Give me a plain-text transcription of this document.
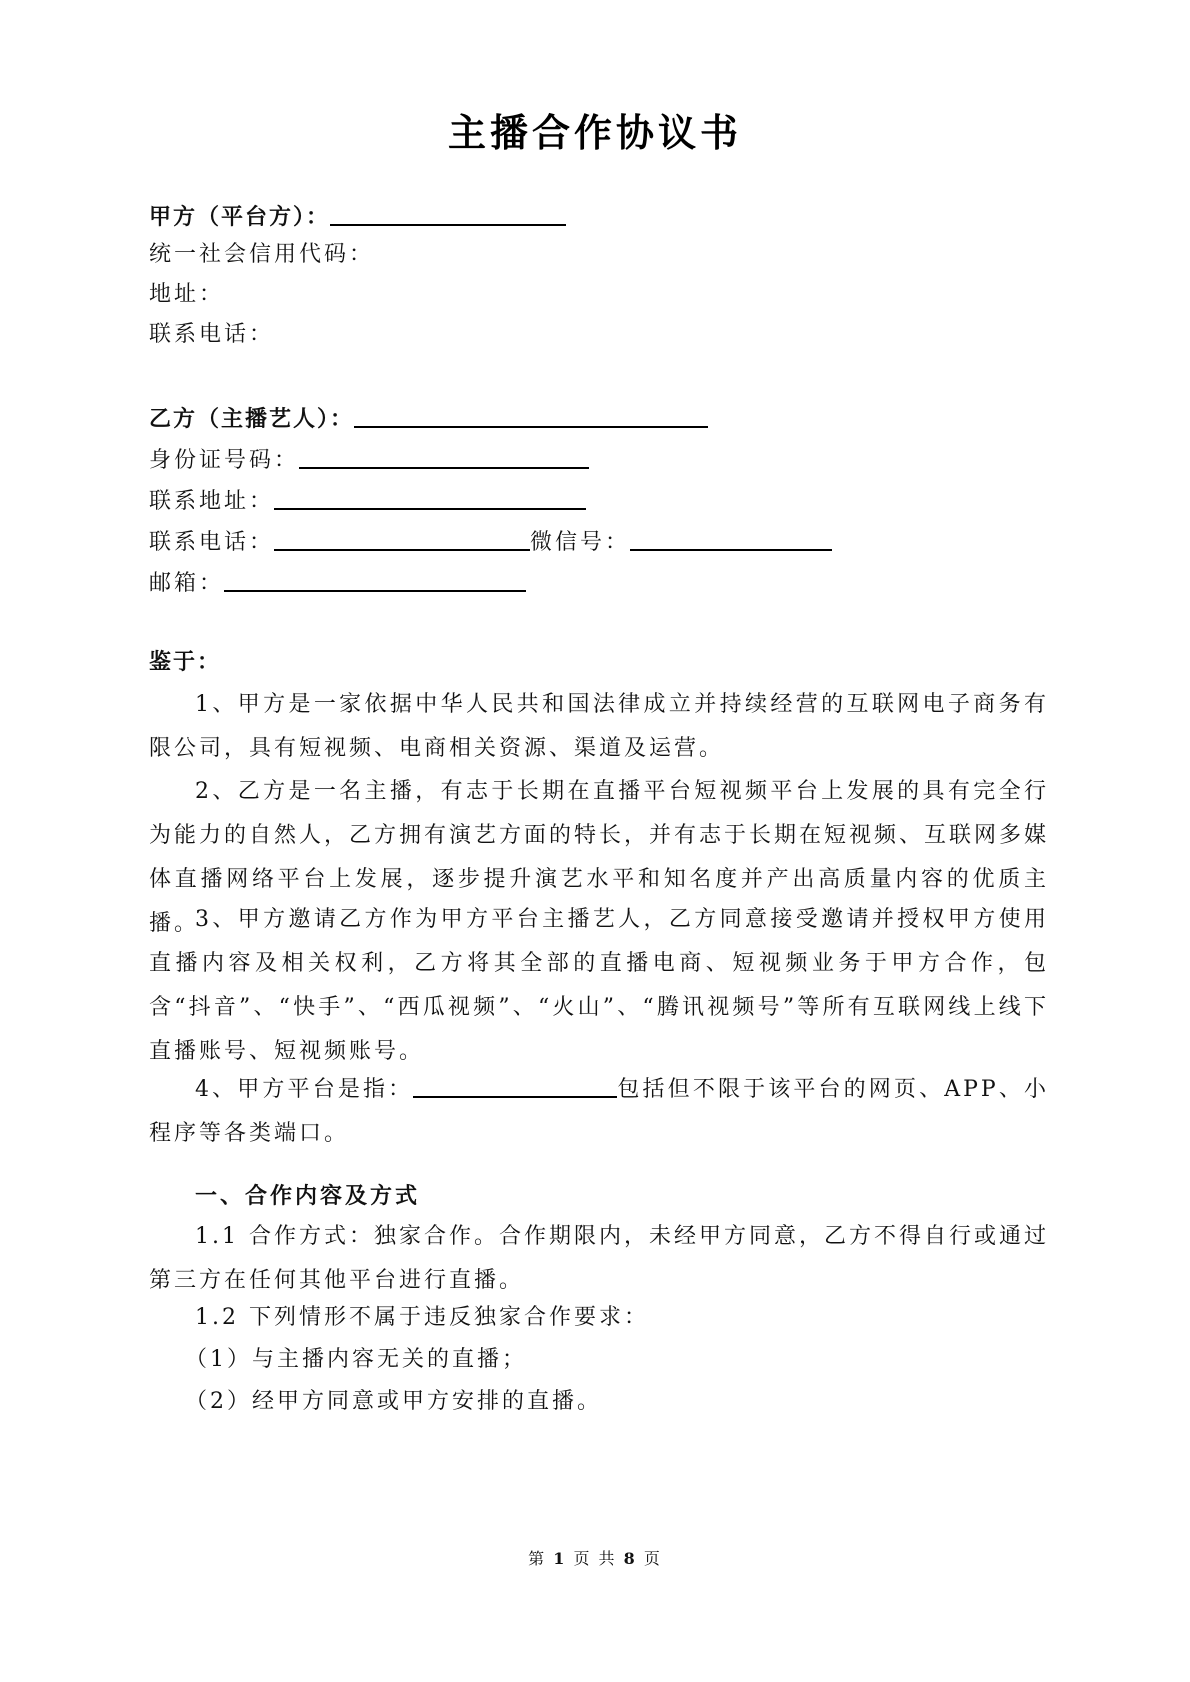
主播合作协议书
甲方（平台方）：
统一社会信用代码：
地址：
联系电话：
乙方（主播艺人）：
身份证号码：
联系地址：
联系电话：	微信号：
邮箱：
鉴于：
1、甲方是一家依据中华人民共和国法律成立并持续经营的互联网电子商务有限公司，具有短视频、电商相关资源、渠道及运营。
2、乙方是一名主播，有志于长期在直播平台短视频平台上发展的具有完全行为能力的自然人，乙方拥有演艺方面的特长，并有志于长期在短视频、互联网多媒体直播网络平台上发展，逐步提升演艺水平和知名度并产出高质量内容的优质主播。
3、甲方邀请乙方作为甲方平台主播艺人，乙方同意接受邀请并授权甲方使用直播内容及相关权利，乙方将其全部的直播电商、短视频业务于甲方合作，包含“抖音”、“快手”、“西瓜视频”、“火山”、“腾讯视频号”等所有互联网线上线下直播账号、短视频账号。
4、甲方平台是指：	包括但不限于该平台的网页、APP、小程序等各类端口。
一、合作内容及方式
1.1 合作方式：独家合作。合作期限内，未经甲方同意，乙方不得自行或通过第三方在任何其他平台进行直播。
1.2 下列情形不属于违反独家合作要求：
（1）与主播内容无关的直播；
（2）经甲方同意或甲方安排的直播。
第 1 页 共 8 页
